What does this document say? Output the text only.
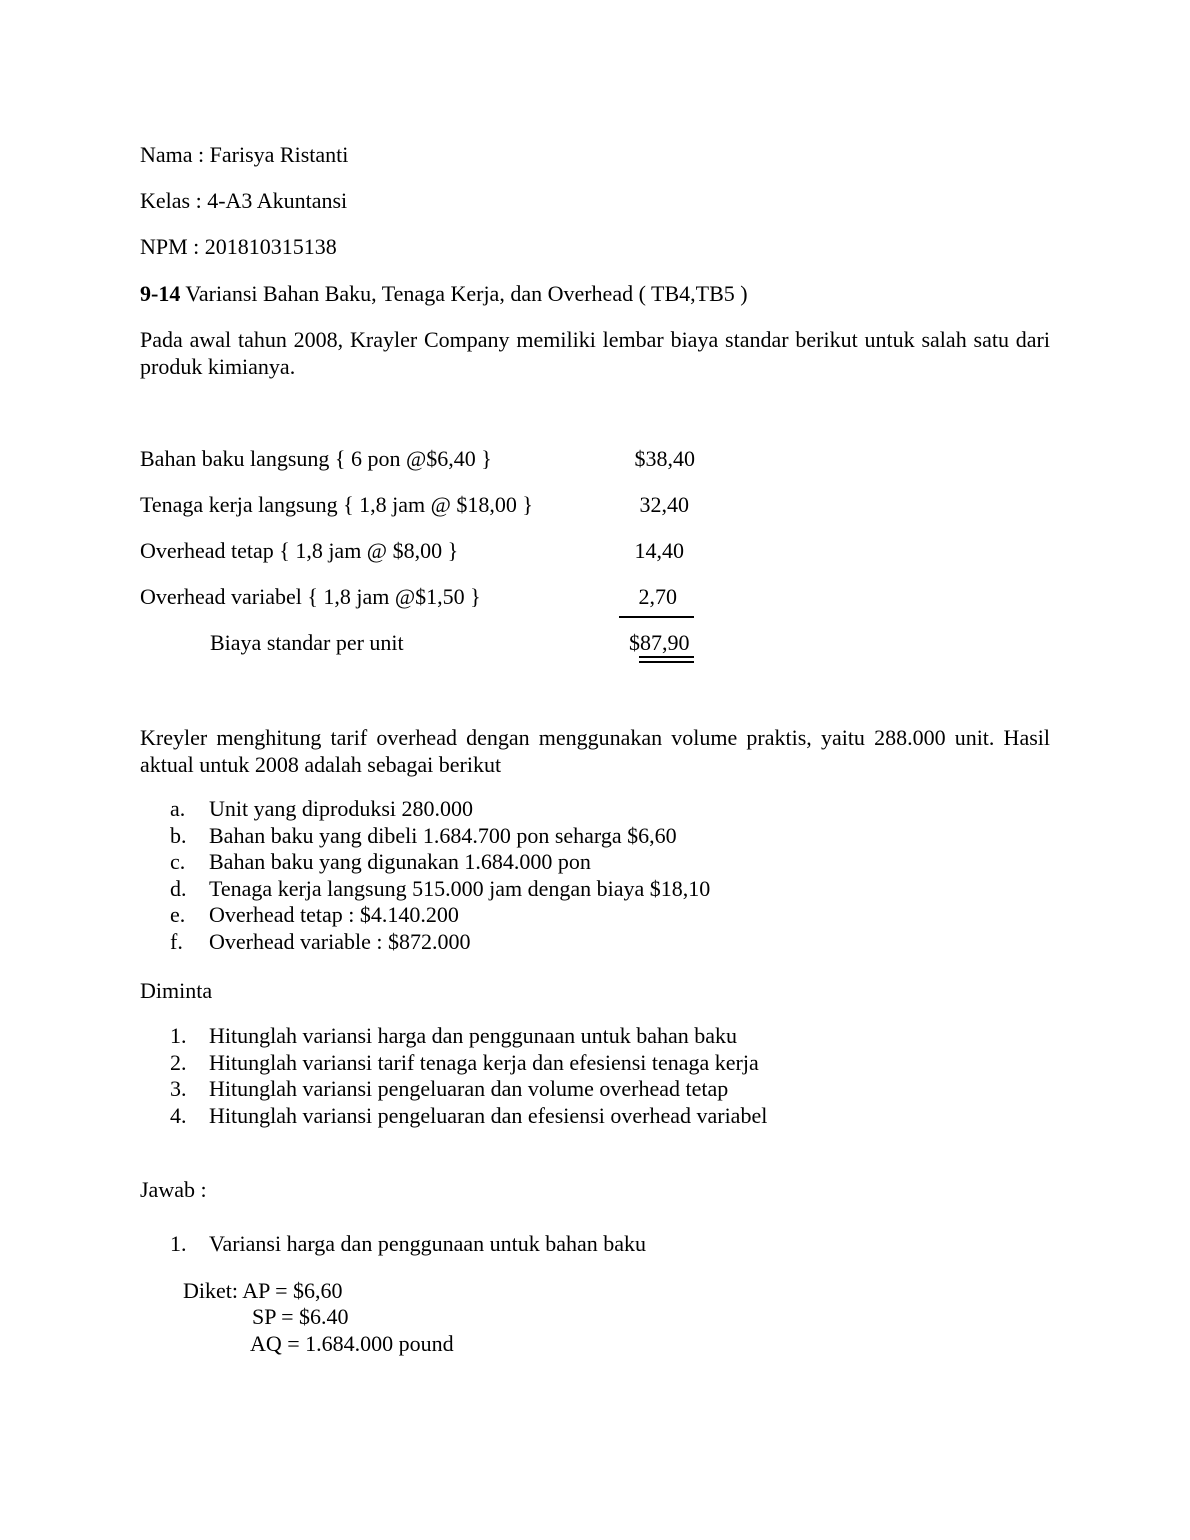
Nama : Farisya Ristanti
Kelas : 4-A3 Akuntansi
NPM : 201810315138
9-14 Variansi Bahan Baku, Tenaga Kerja, dan Overhead ( TB4,TB5 )
Pada awal tahun 2008, Krayler Company memiliki lembar biaya standar berikut untuk salah satu dari produk kimianya.
Bahan baku langsung { 6 pon @$6,40 }	$38,40
Tenaga kerja langsung { 1,8 jam @ $18,00 }	32,40
Overhead tetap { 1,8 jam @ $8,00 }	14,40
Overhead variabel { 1,8 jam @$1,50 }	2,70
Biaya standar per unit	$87,90
Kreyler menghitung tarif overhead dengan menggunakan volume praktis, yaitu 288.000 unit. Hasil aktual untuk 2008 adalah sebagai berikut
a.	Unit yang diproduksi 280.000
b.	Bahan baku yang dibeli 1.684.700 pon seharga $6,60
c.	Bahan baku yang digunakan 1.684.000 pon
d.	Tenaga kerja langsung 515.000 jam dengan biaya $18,10
e.	Overhead tetap : $4.140.200
f.	Overhead variable : $872.000
Diminta
1.	Hitunglah variansi harga dan penggunaan untuk bahan baku
2.	Hitunglah variansi tarif tenaga kerja dan efesiensi tenaga kerja
3.	Hitunglah variansi pengeluaran dan volume overhead tetap
4.	Hitunglah variansi pengeluaran dan efesiensi overhead variabel
Jawab :
1.	Variansi harga dan penggunaan untuk bahan baku
Diket: AP = $6,60
SP = $6.40
AQ = 1.684.000 pound
